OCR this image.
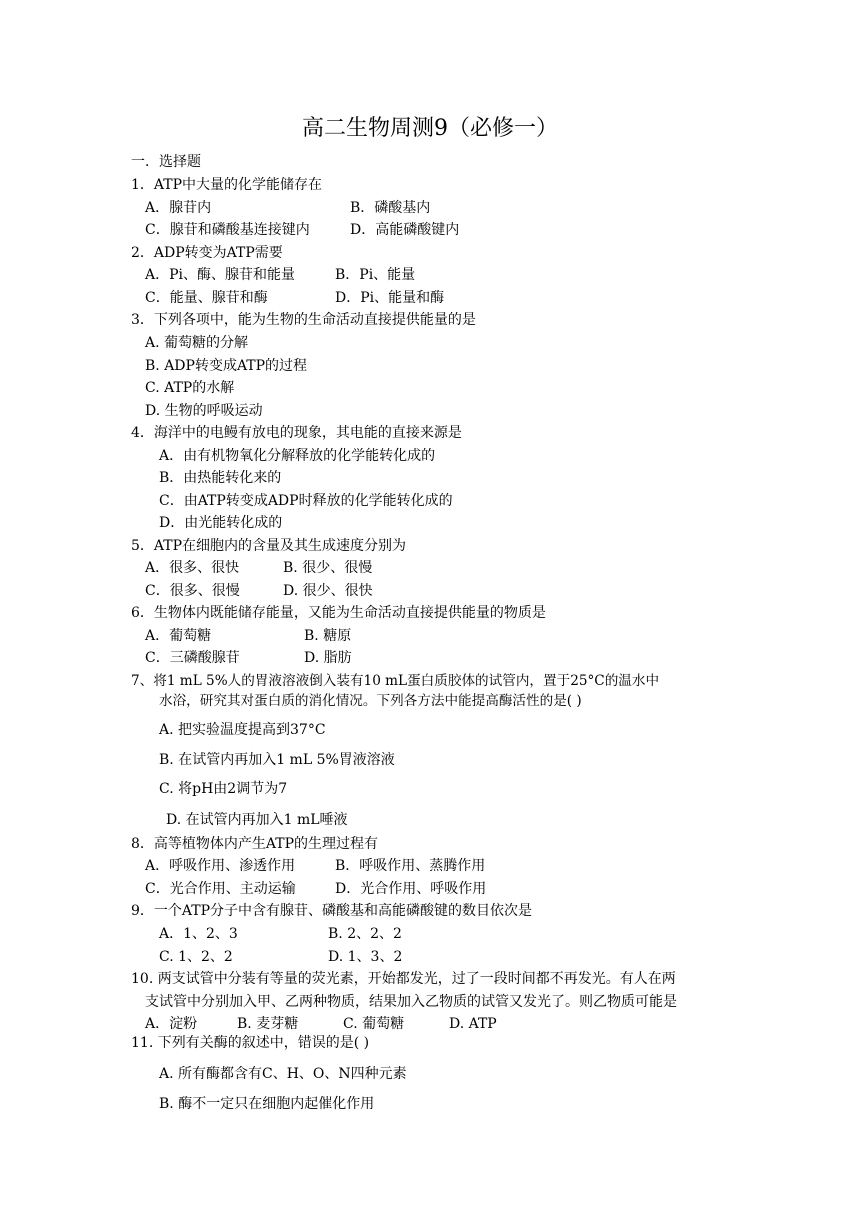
高二生物周测9（必修一）
一．选择题
1．ATP中大量的化学能储存在
A．腺苷内	B．磷酸基内
C．腺苷和磷酸基连接键内	D．高能磷酸键内
2．ADP转变为ATP需要
A．Pi、酶、腺苷和能量	B．Pi、能量
C．能量、腺苷和酶	D．Pi、能量和酶
3．下列各项中，能为生物的生命活动直接提供能量的是
A. 葡萄糖的分解
B. ADP转变成ATP的过程
C. ATP的水解
D. 生物的呼吸运动
4．海洋中的电鳗有放电的现象，其电能的直接来源是
A．由有机物氧化分解释放的化学能转化成的
B．由热能转化来的
C．由ATP转变成ADP时释放的化学能转化成的
D．由光能转化成的
5．ATP在细胞内的含量及其生成速度分别为
A．很多、很快	B. 很少、很慢
C．很多、很慢	D. 很少、很快
6．生物体内既能储存能量，又能为生命活动直接提供能量的物质是
A．葡萄糖	B. 糖原
C．三磷酸腺苷	D. 脂肪
7、将1 mL 5%人的胃液溶液倒入装有10 mL蛋白质胶体的试管内，置于25°C的温水中
水浴，研究其对蛋白质的消化情况。下列各方法中能提高酶活性的是( )
A. 把实验温度提高到37°C
B. 在试管内再加入1 mL 5%胃液溶液
C. 将pH由2调节为7
D. 在试管内再加入1 mL唾液
8．高等植物体内产生ATP的生理过程有
A．呼吸作用、渗透作用	B．呼吸作用、蒸腾作用
C．光合作用、主动运输	D．光合作用、呼吸作用
9．一个ATP分子中含有腺苷、磷酸基和高能磷酸键的数目依次是
A．1、2、3	B. 2、2、2
C. 1、2、2	D. 1、3、2
10. 两支试管中分装有等量的荧光素，开始都发光，过了一段时间都不再发光。有人在两
支试管中分别加入甲、乙两种物质，结果加入乙物质的试管又发光了。则乙物质可能是
A．淀粉	B. 麦芽糖	C. 葡萄糖	D. ATP
11. 下列有关酶的叙述中，错误的是( )
A. 所有酶都含有C、H、O、N四种元素
B. 酶不一定只在细胞内起催化作用
